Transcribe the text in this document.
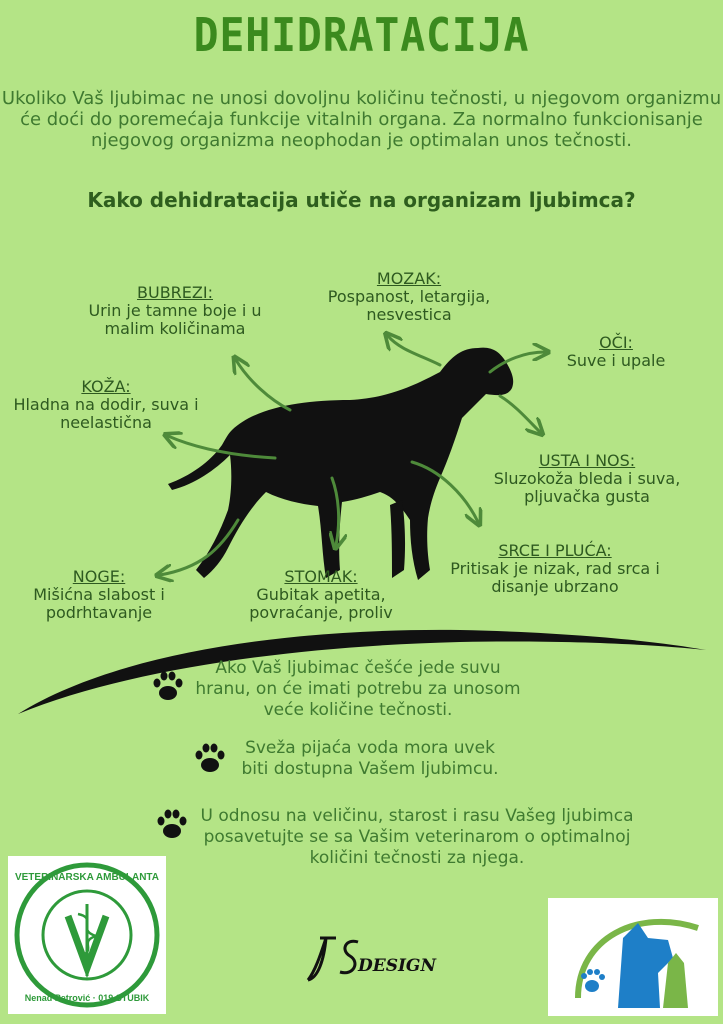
DEHIDRATACIJA
Ukoliko Vaš ljubimac ne unosi dovoljnu količinu tečnosti, u njegovom organizmu će doći do poremećaja funkcije vitalnih organa. Za normalno funkcionisanje njegovog organizma neophodan je optimalan unos tečnosti.
Kako dehidratacija utiče na organizam ljubimca?
BUBREZI:
Urin je tamne boje i u malim količinama
MOZAK:
Pospanost, letargija, nesvestica
OČI:
Suve i upale
KOŽA:
Hladna na dodir, suva i neelastična
USTA I NOS:
Sluzokoža bleda i suva, pljuvačka gusta
SRCE I PLUĆA:
Pritisak je nizak, rad srca i disanje ubrzano
NOGE:
Mišićna slabost i podrhtavanje
STOMAK:
Gubitak apetita, povraćanje, proliv
Ako Vaš ljubimac češće jede suvu hranu, on će imati potrebu za unosom veće količine tečnosti.
Sveža pijaća voda mora uvek biti dostupna Vašem ljubimcu.
U odnosu na veličinu, starost i rasu Vašeg ljubimca posavetujte se sa Vašim veterinarom o optimalnoj količini tečnosti za njega.
VETERINARSKA AMBULANTA
Nenad Petrović · 019 STUBIK
DESIGN
